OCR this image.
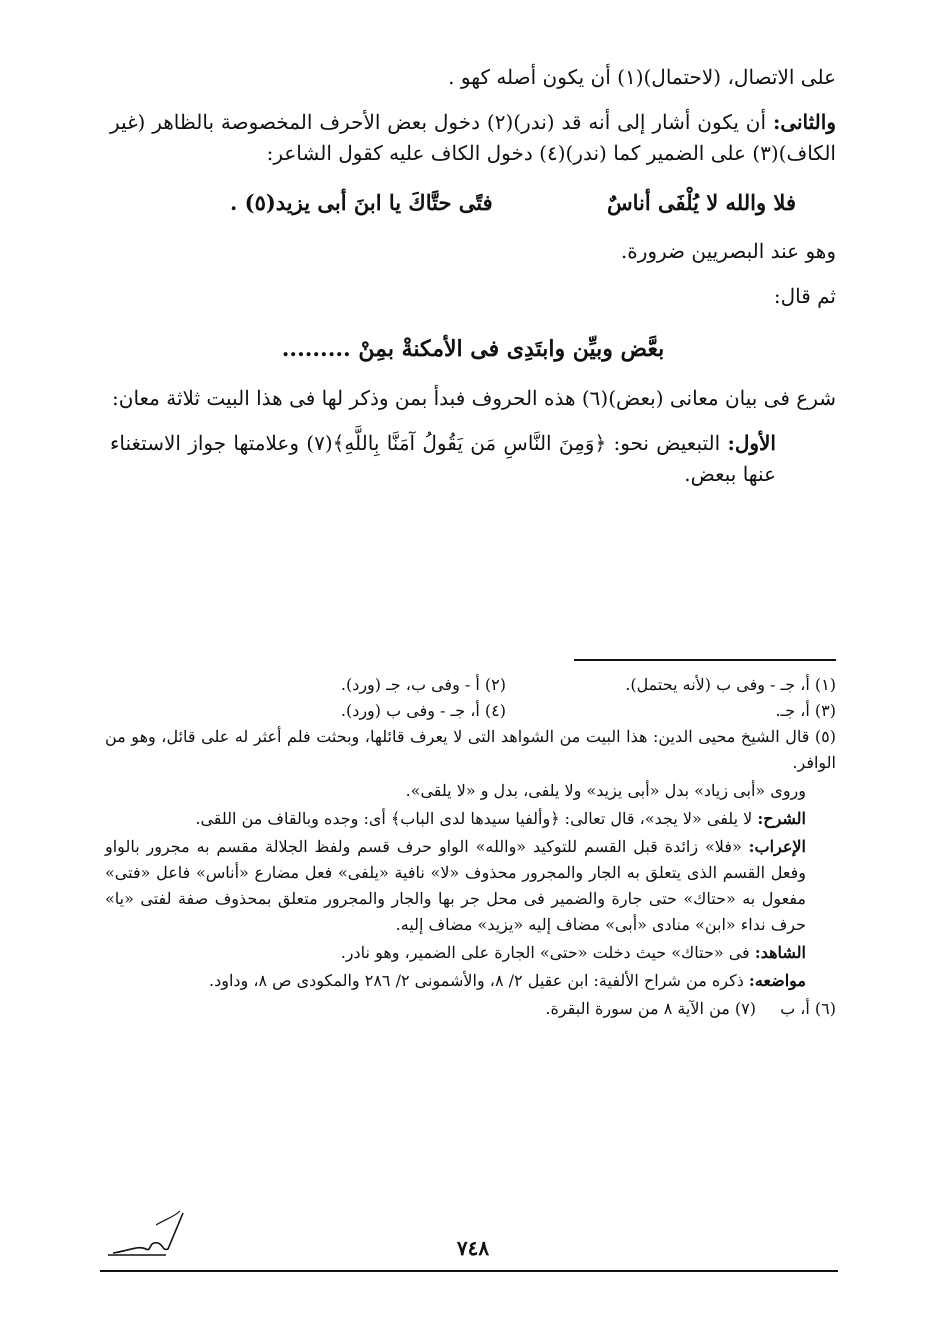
على الاتصال، (لاحتمال)(١) أن يكون أصله كهو .

والثانى: أن يكون أشار إلى أنه قد (ندر)(٢) دخول بعض الأحرف المخصوصة بالظاهر (غير الكاف)(٣) على الضمير كما (ندر)(٤) دخول الكاف عليه كقول الشاعر:

فلا والله لا يُلْفَى أناسٌ
فتًى حتَّاكَ يا ابنَ أبى يزيد(٥) .

وهو عند البصريين ضرورة.

ثم قال:

بعَّض وبيِّن وابتَدِى فى الأمكنةْ بمِنْ .........

شرع فى بيان معانى (بعض)(٦) هذه الحروف فبدأ بمن وذكر لها فى هذا البيت ثلاثة معان:

الأول: التبعيض نحو: ﴿وَمِنَ النَّاسِ مَن يَقُولُ آمَنَّا بِاللَّهِ﴾(٧) وعلامتها جواز الاستغناء عنها ببعض.

(١) أ، جـ - وفى ب (لأنه يحتمل).
(٢) أ - وفى ب، جـ (ورد).
(٣) أ، جـ.
(٤) أ، جـ - وفى ب (ورد).

(٥) قال الشيخ محيى الدين: هذا البيت من الشواهد التى لا يعرف قائلها، وبحثت فلم أعثر له على قائل، وهو من الوافر.

وروى «أبى زياد» بدل «أبى يزيد» ولا يلفى، بدل و «لا يلقى».

الشرح: لا يلفى «لا يجد»، قال تعالى: ﴿وألفيا سيدها لدى الباب﴾ أى: وجده وبالقاف من اللقى.

الإعراب: «فلا» زائدة قبل القسم للتوكيد «والله» الواو حرف قسم ولفظ الجلالة مقسم به مجرور بالواو وفعل القسم الذى يتعلق به الجار والمجرور محذوف «لا» نافية «يلفى» فعل مضارع «أناس» فاعل «فتى» مفعول به «حتاك» حتى جارة والضمير فى محل جر بها والجار والمجرور متعلق بمحذوف صفة لفتى «يا» حرف نداء «ابن» منادى «أبى» مضاف إليه «يزيد» مضاف إليه.

الشاهد: فى «حتاك» حيث دخلت «حتى» الجارة على الضمير، وهو نادر.

مواضعه: ذكره من شراح الألفية: ابن عقيل ٢/ ٨، والأشمونى ٢/ ٢٨٦ والمكودى ص ٨، وداود.

(٦) أ، ب
(٧) من الآية ٨ من سورة البقرة.
٧٤٨
